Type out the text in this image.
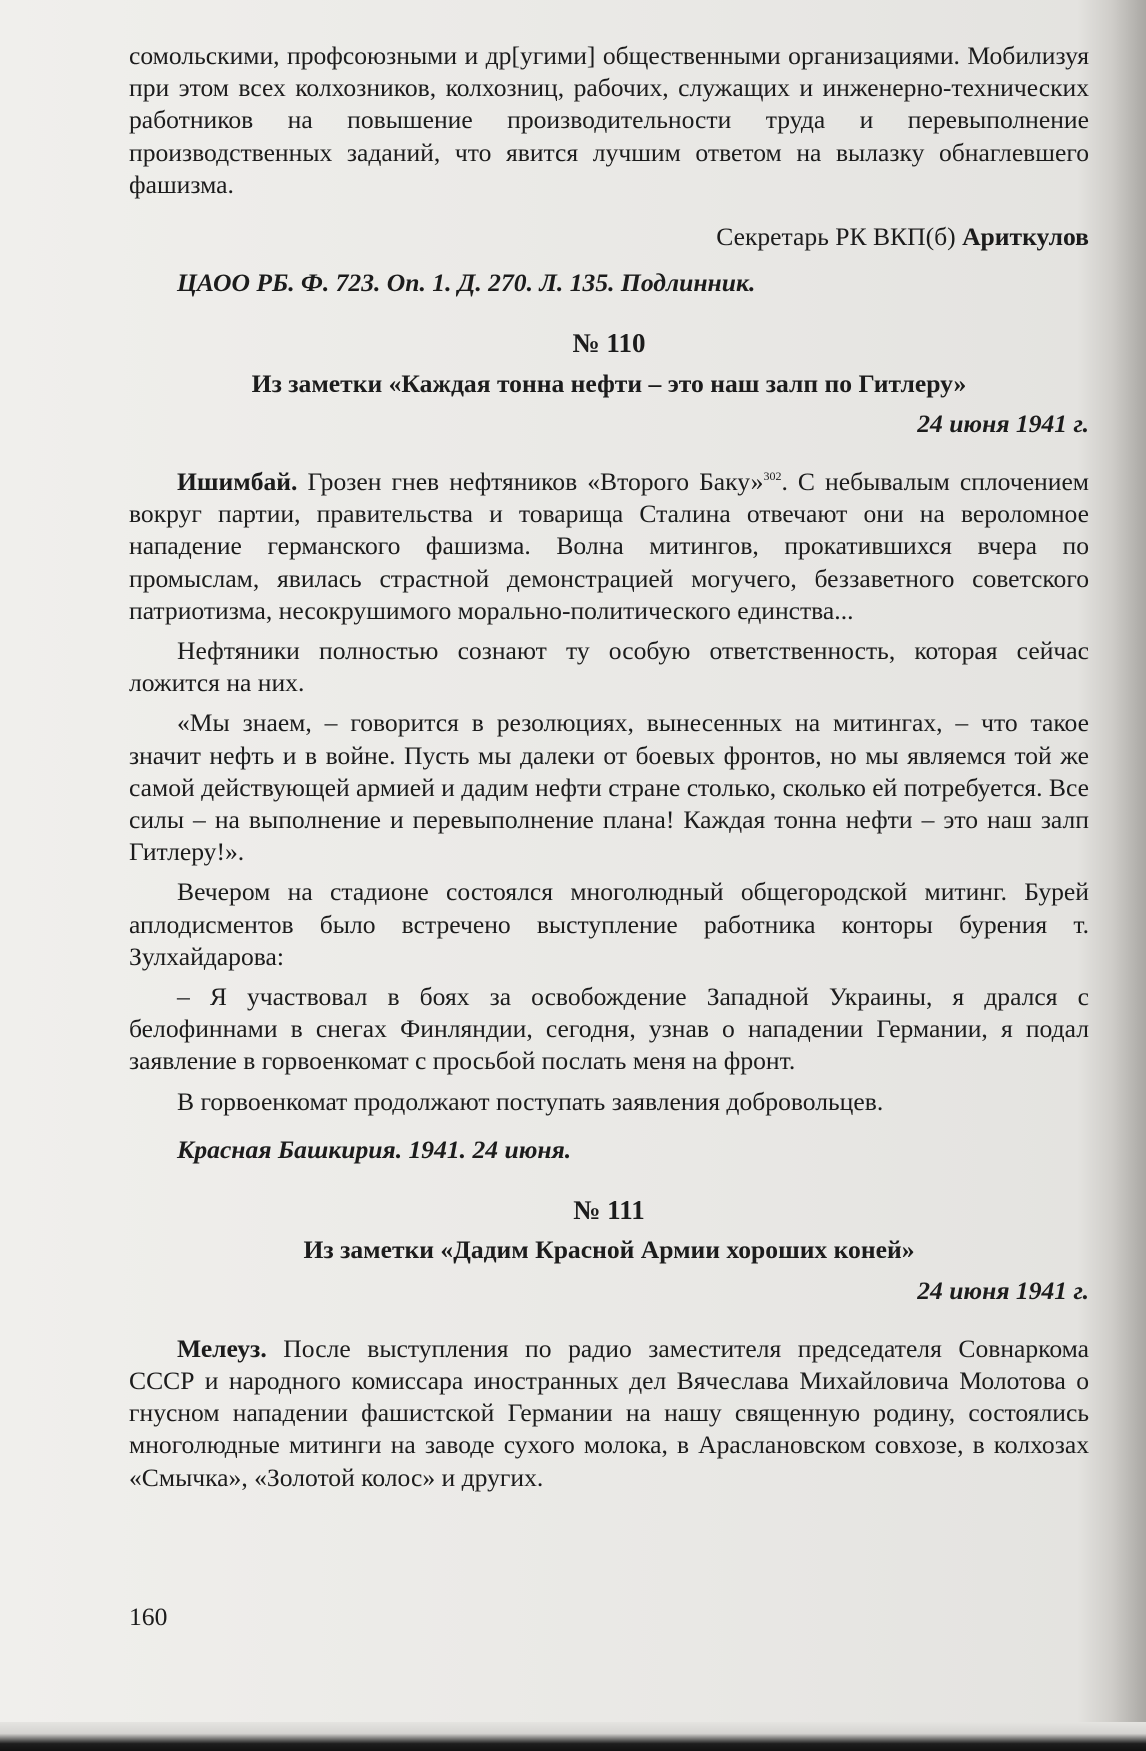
сомольскими, профсоюзными и др[угими] общественными организациями. Мобилизуя при этом всех колхозников, колхозниц, рабочих, служащих и инженерно-технических работников на повышение производительности труда и перевыполнение производственных заданий, что явится лучшим ответом на вылазку обнаглевшего фашизма.

Секретарь РК ВКП(б) Ариткулов

ЦАОО РБ. Ф. 723. Оп. 1. Д. 270. Л. 135. Подлинник.

№ 110

Из заметки «Каждая тонна нефти – это наш залп по Гитлеру»

24 июня 1941 г.

Ишимбай. Грозен гнев нефтяников «Второго Баку»$^{302}$. С небывалым сплочением вокруг партии, правительства и товарища Сталина отвечают они на вероломное нападение германского фашизма. Волна митингов, прокатившихся вчера по промыслам, явилась страстной демонстрацией могучего, беззаветного советского патриотизма, несокрушимого морально-политического единства...

Нефтяники полностью сознают ту особую ответственность, которая сейчас ложится на них.

«Мы знаем, – говорится в резолюциях, вынесенных на митингах, – что такое значит нефть и в войне. Пусть мы далеки от боевых фронтов, но мы являемся той же самой действующей армией и дадим нефти стране столько, сколько ей потребуется. Все силы – на выполнение и перевыполнение плана! Каждая тонна нефти – это наш залп Гитлеру!».

Вечером на стадионе состоялся многолюдный общегородской митинг. Бурей аплодисментов было встречено выступление работника конторы бурения т. Зулхайдарова:

– Я участвовал в боях за освобождение Западной Украины, я дрался с белофиннами в снегах Финляндии, сегодня, узнав о нападении Германии, я подал заявление в горвоенкомат с просьбой послать меня на фронт.

В горвоенкомат продолжают поступать заявления добровольцев.

Красная Башкирия. 1941. 24 июня.

№ 111

Из заметки «Дадим Красной Армии хороших коней»

24 июня 1941 г.

Мелеуз. После выступления по радио заместителя председателя Совнаркома СССР и народного комиссара иностранных дел Вячеслава Михайловича Молотова о гнусном нападении фашистской Германии на нашу священную родину, состоялись многолюдные митинги на заводе сухого молока, в Араслановском совхозе, в колхозах «Смычка», «Золотой колос» и других.

160
